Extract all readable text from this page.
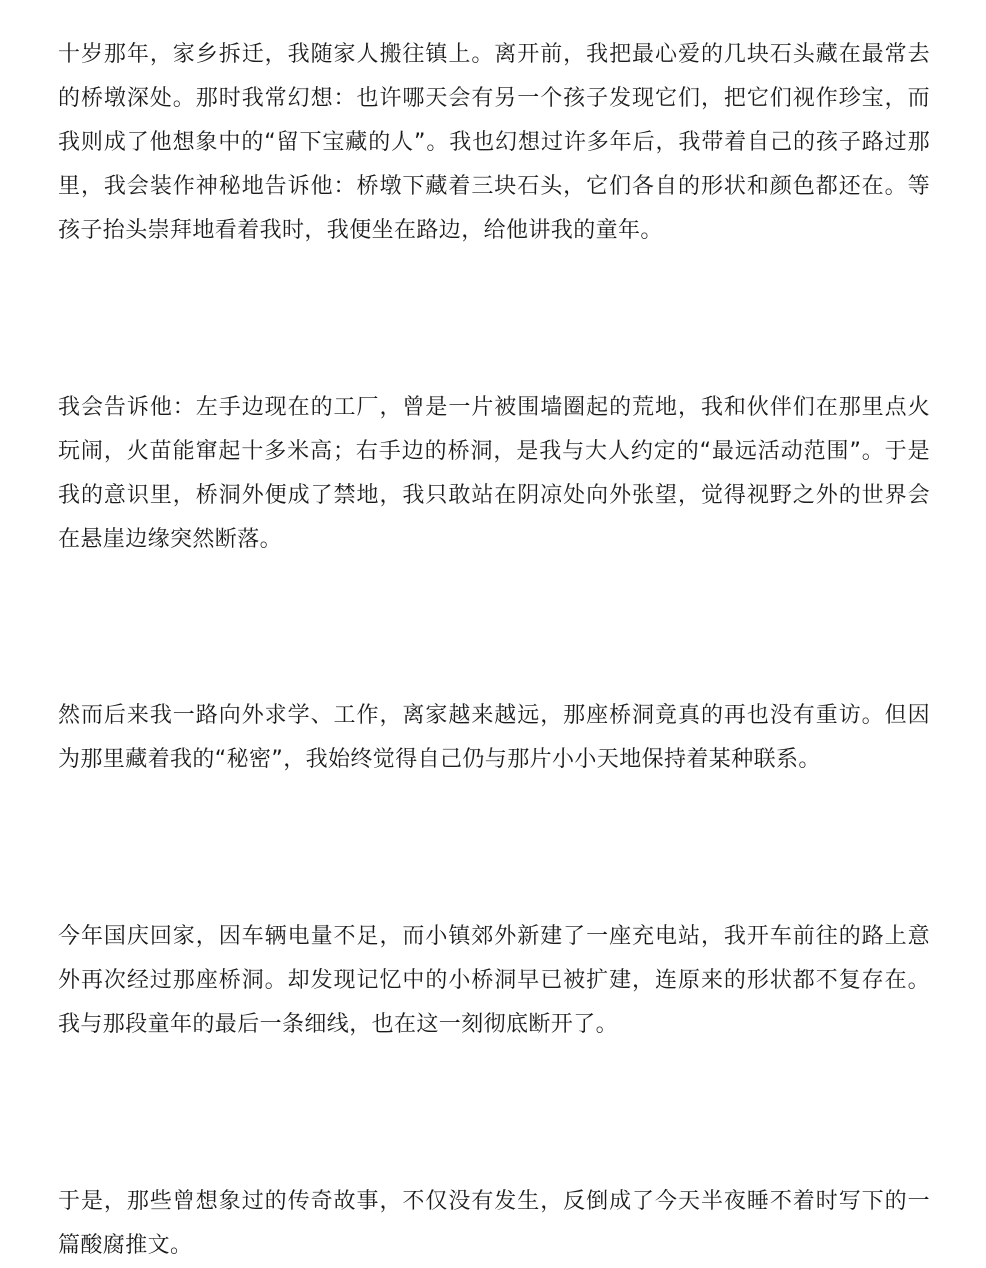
十岁那年，家乡拆迁，我随家人搬往镇上。离开前，我把最心爱的几块石头藏在最常去的桥墩深处。那时我常幻想：也许哪天会有另一个孩子发现它们，把它们视作珍宝，而我则成了他想象中的“留下宝藏的人”。我也幻想过许多年后，我带着自己的孩子路过那里，我会装作神秘地告诉他：桥墩下藏着三块石头，它们各自的形状和颜色都还在。等孩子抬头崇拜地看着我时，我便坐在路边，给他讲我的童年。

我会告诉他：左手边现在的工厂，曾是一片被围墙圈起的荒地，我和伙伴们在那里点火玩闹，火苗能窜起十多米高；右手边的桥洞，是我与大人约定的“最远活动范围”。于是我的意识里，桥洞外便成了禁地，我只敢站在阴凉处向外张望，觉得视野之外的世界会在悬崖边缘突然断落。

然而后来我一路向外求学、工作，离家越来越远，那座桥洞竟真的再也没有重访。但因为那里藏着我的“秘密”，我始终觉得自己仍与那片小小天地保持着某种联系。

今年国庆回家，因车辆电量不足，而小镇郊外新建了一座充电站，我开车前往的路上意外再次经过那座桥洞。却发现记忆中的小桥洞早已被扩建，连原来的形状都不复存在。我与那段童年的最后一条细线，也在这一刻彻底断开了。

于是，那些曾想象过的传奇故事，不仅没有发生，反倒成了今天半夜睡不着时写下的一篇酸腐推文。
